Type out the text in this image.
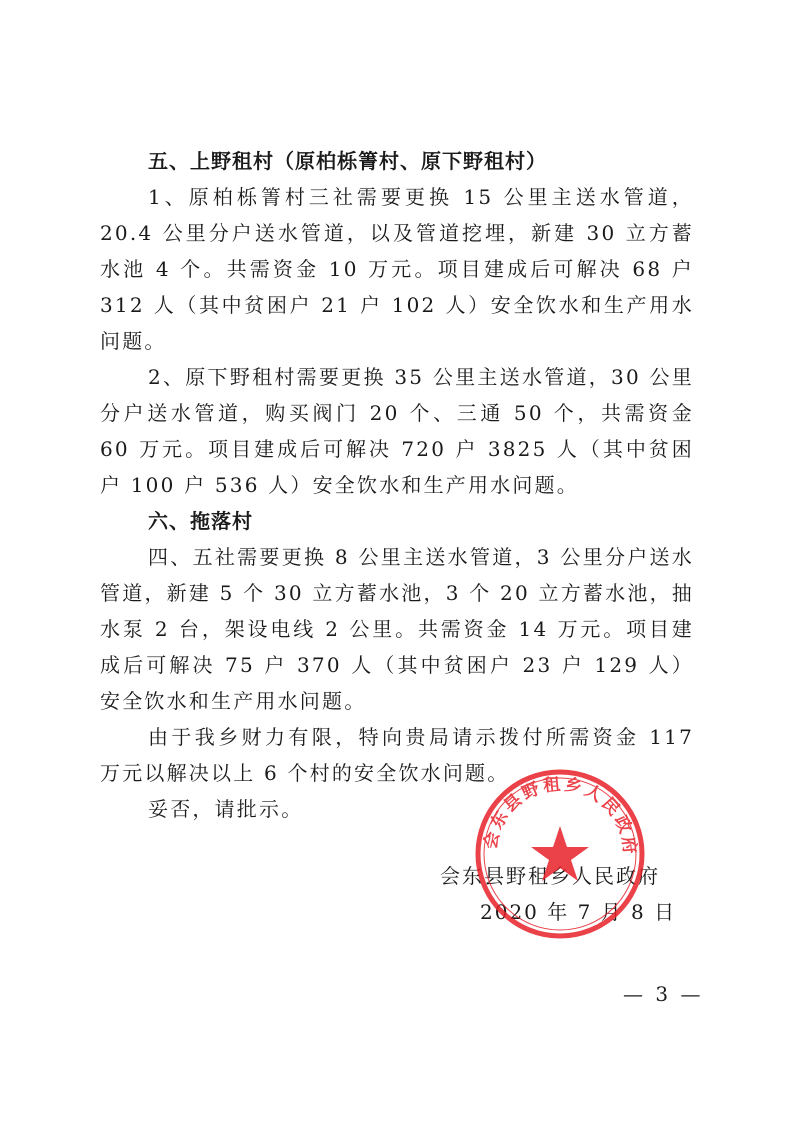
五、上野租村（原柏栎箐村、原下野租村）

1、原柏栎箐村三社需要更换 15 公里主送水管道，20.4 公里分户送水管道，以及管道挖埋，新建 30 立方蓄水池 4 个。共需资金 10 万元。项目建成后可解决 68 户 312 人（其中贫困户 21 户 102 人）安全饮水和生产用水问题。

2、原下野租村需要更换 35 公里主送水管道，30 公里分户送水管道，购买阀门 20 个、三通 50 个，共需资金 60 万元。项目建成后可解决 720 户 3825 人（其中贫困户 100 户 536 人）安全饮水和生产用水问题。

六、拖落村

四、五社需要更换 8 公里主送水管道，3 公里分户送水管道，新建 5 个 30 立方蓄水池，3 个 20 立方蓄水池，抽水泵 2 台，架设电线 2 公里。共需资金 14 万元。项目建成后可解决 75 户 370 人（其中贫困户 23 户 129 人）安全饮水和生产用水问题。

由于我乡财力有限，特向贵局请示拨付所需资金 117 万元以解决以上 6 个村的安全饮水问题。

妥否，请批示。

会东县野租乡人民政府
2020 年 7 月 8 日
会东县野租乡人民政府
— 3 —
